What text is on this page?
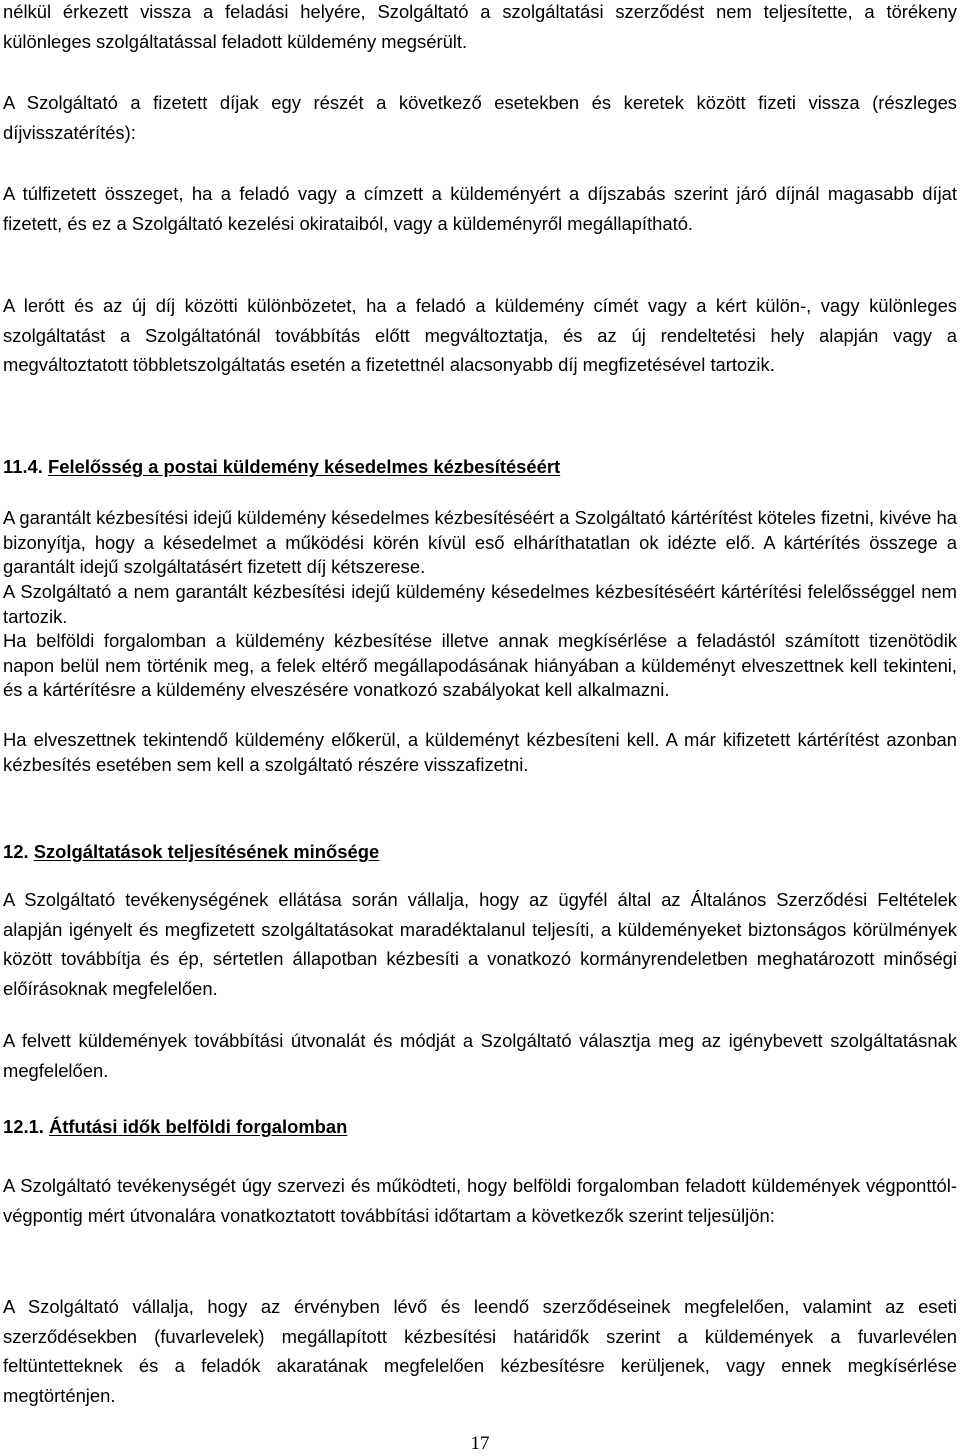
nélkül érkezett vissza a feladási helyére, Szolgáltató a szolgáltatási szerződést nem teljesítette, a törékeny különleges szolgáltatással feladott küldemény megsérült.

A Szolgáltató a fizetett díjak egy részét a következő esetekben és keretek között fizeti vissza (részleges díjvisszatérítés):

A túlfizetett összeget, ha a feladó vagy a címzett a küldeményért a díjszabás szerint járó díjnál magasabb díjat fizetett, és ez a Szolgáltató kezelési okirataiból, vagy a küldeményről megállapítható.

A lerótt és az új díj közötti különbözetet, ha a feladó a küldemény címét vagy a kért külön-, vagy különleges szolgáltatást a Szolgáltatónál továbbítás előtt megváltoztatja, és az új rendeltetési hely alapján vagy a megváltoztatott többletszolgáltatás esetén a fizetettnél alacsonyabb díj megfizetésével tartozik.

11.4. Felelősség a postai küldemény késedelmes kézbesítéséért

A garantált kézbesítési idejű küldemény késedelmes kézbesítéséért a Szolgáltató kártérítést köteles fizetni, kivéve ha bizonyítja, hogy a késedelmet a működési körén kívül eső elháríthatatlan ok idézte elő. A kártérítés összege a garantált idejű szolgáltatásért fizetett díj kétszerese.

A Szolgáltató a nem garantált kézbesítési idejű küldemény késedelmes kézbesítéséért kártérítési felelősséggel nem tartozik.

Ha belföldi forgalomban a küldemény kézbesítése illetve annak megkísérlése a feladástól számított tizenötödik napon belül nem történik meg, a felek eltérő megállapodásának hiányában a küldeményt elveszettnek kell tekinteni, és a kártérítésre a küldemény elveszésére vonatkozó szabályokat kell alkalmazni.

Ha elveszettnek tekintendő küldemény előkerül, a küldeményt kézbesíteni kell. A már kifizetett kártérítést azonban kézbesítés esetében sem kell a szolgáltató részére visszafizetni.

12. Szolgáltatások teljesítésének minősége

A Szolgáltató tevékenységének ellátása során vállalja, hogy az ügyfél által az Általános Szerződési Feltételek alapján igényelt és megfizetett szolgáltatásokat maradéktalanul teljesíti, a küldeményeket biztonságos körülmények között továbbítja és ép, sértetlen állapotban kézbesíti a vonatkozó kormányrendeletben meghatározott minőségi előírásoknak megfelelően.

A felvett küldemények továbbítási útvonalát és módját a Szolgáltató választja meg az igénybevett szolgáltatásnak megfelelően.

12.1. Átfutási idők belföldi forgalomban

A Szolgáltató tevékenységét úgy szervezi és működteti, hogy belföldi forgalomban feladott küldemények végponttól-végpontig mért útvonalára vonatkoztatott továbbítási időtartam a következők szerint teljesüljön:

A Szolgáltató vállalja, hogy az érvényben lévő és leendő szerződéseinek megfelelően, valamint az eseti szerződésekben (fuvarlevelek) megállapított kézbesítési határidők szerint a küldemények a fuvarlevélen feltüntetteknek és a feladók akaratának megfelelően kézbesítésre kerüljenek, vagy ennek megkísérlése megtörténjen.

17
